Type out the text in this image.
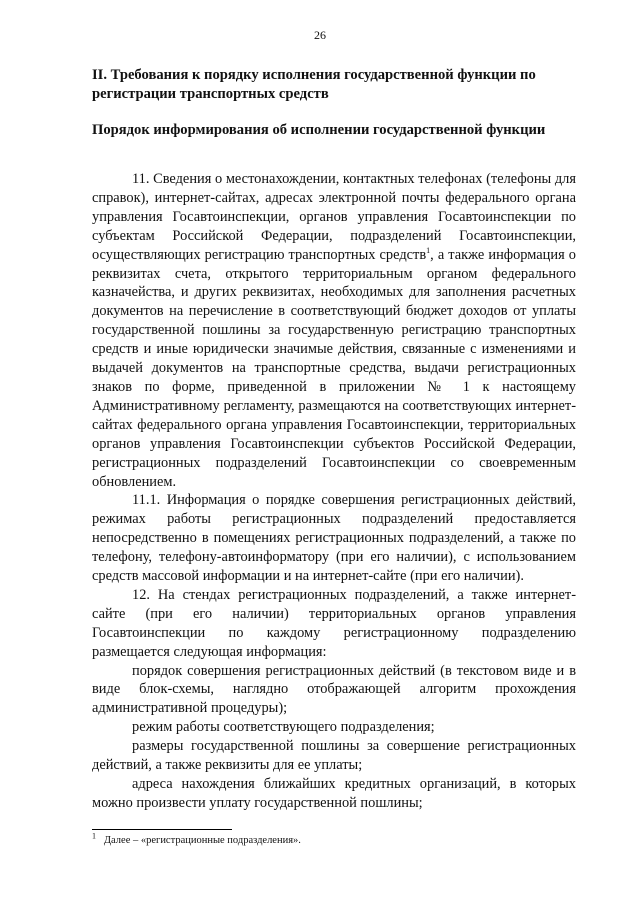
26
II. Требования к порядку исполнения государственной функции по регистрации транспортных средств
Порядок информирования об исполнении государственной функции

11. Сведения о местонахождении, контактных телефонах (телефоны для справок), интернет-сайтах, адресах электронной почты федерального органа управления Госавтоинспекции, органов управления Госавтоинспекции по субъектам Российской Федерации, подразделений Госавтоинспекции, осуществляющих регистрацию транспортных средств$^1$, а также информация о реквизитах счета, открытого территориальным органом федерального казначейства, и других реквизитах, необходимых для заполнения расчетных документов на перечисление в соответствующий бюджет доходов от уплаты государственной пошлины за государственную регистрацию транспортных средств и иные юридически значимые действия, связанные с изменениями и выдачей документов на транспортные средства, выдачи регистрационных знаков по форме, приведенной в приложении № 1 к настоящему Административному регламенту, размещаются на соответствующих интернет-сайтах федерального органа управления Госавтоинспекции, территориальных органов управления Госавтоинспекции субъектов Российской Федерации, регистрационных подразделений Госавтоинспекции со своевременным обновлением.

11.1. Информация о порядке совершения регистрационных действий, режимах работы регистрационных подразделений предоставляется непосредственно в помещениях регистрационных подразделений, а также по телефону, телефону-автоинформатору (при его наличии), с использованием средств массовой информации и на интернет-сайте (при его наличии).

12. На стендах регистрационных подразделений, а также интернет-сайте (при его наличии) территориальных органов управления Госавтоинспекции по каждому регистрационному подразделению размещается следующая информация:

порядок совершения регистрационных действий (в текстовом виде и в виде блок-схемы, наглядно отображающей алгоритм прохождения административной процедуры);

режим работы соответствующего подразделения;

размеры государственной пошлины за совершение регистрационных действий, а также реквизиты для ее уплаты;

адреса нахождения ближайших кредитных организаций, в которых можно произвести уплату государственной пошлины;

$^1$ Далее – «регистрационные подразделения».
